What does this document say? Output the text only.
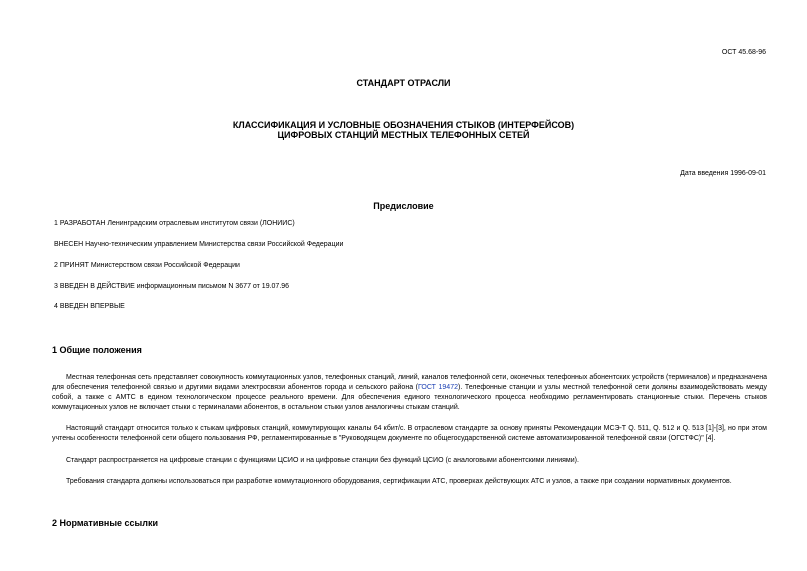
ОСТ 45.68-96
СТАНДАРТ ОТРАСЛИ
КЛАССИФИКАЦИЯ И УСЛОВНЫЕ ОБОЗНАЧЕНИЯ СТЫКОВ (ИНТЕРФЕЙСОВ)
ЦИФРОВЫХ СТАНЦИЙ МЕСТНЫХ ТЕЛЕФОННЫХ СЕТЕЙ
Дата введения 1996-09-01
Предисловие
1 РАЗРАБОТАН Ленинградским отраслевым институтом связи (ЛОНИИС)
ВНЕСЕН Научно-техническим управлением Министерства связи Российской Федерации
2 ПРИНЯТ Министерством связи Российской Федерации
3 ВВЕДЕН В ДЕЙСТВИЕ информационным письмом N 3677 от 19.07.96
4 ВВЕДЕН ВПЕРВЫЕ
1 Общие положения
Местная телефонная сеть представляет совокупность коммутационных узлов, телефонных станций, линий, каналов телефонной сети, оконечных телефонных абонентских устройств (терминалов) и предназначена для обеспечения телефонной связью и другими видами электросвязи абонентов города и сельского района (ГОСТ 19472). Телефонные станции и узлы местной телефонной сети должны взаимодействовать между собой, а также с АМТС в едином технологическом процессе реального времени. Для обеспечения единого технологического процесса необходимо регламентировать станционные стыки. Перечень стыков коммутационных узлов не включает стыки с терминалами абонентов, в остальном стыки узлов аналогичны стыкам станций.
Настоящий стандарт относится только к стыкам цифровых станций, коммутирующих каналы 64 кбит/с. В отраслевом стандарте за основу приняты Рекомендации МСЭ-Т Q. 511, Q. 512 и Q. 513 [1]-[3], но при этом учтены особенности телефонной сети общего пользования РФ, регламентированные в "Руководящем документе по общегосударственной системе автоматизированной телефонной связи (ОГСТФС)" [4].
Стандарт распространяется на цифровые станции с функциями ЦСИО и на цифровые станции без функций ЦСИО (с аналоговыми абонентскими линиями).
Требования стандарта должны использоваться при разработке коммутационного оборудования, сертификации АТС, проверках действующих АТС и узлов, а также при создании нормативных документов.
2 Нормативные ссылки
